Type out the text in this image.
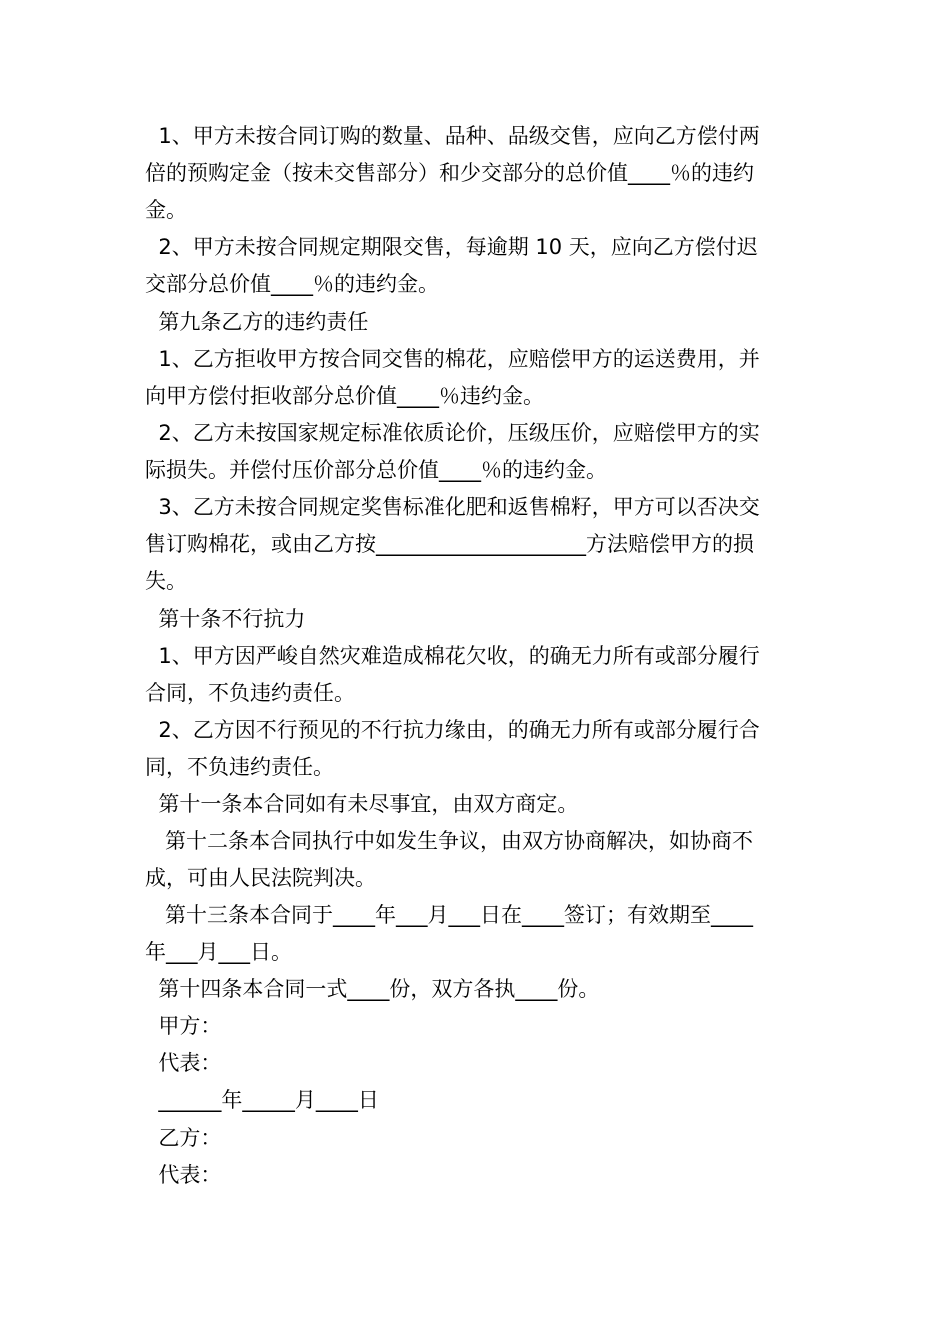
1、甲方未按合同订购的数量、品种、品级交售，应向乙方偿付两
倍的预购定金（按未交售部分）和少交部分的总价值____％的违约
金。

2、甲方未按合同规定期限交售，每逾期 10 天，应向乙方偿付迟
交部分总价值____％的违约金。

第九条乙方的违约责任

1、乙方拒收甲方按合同交售的棉花，应赔偿甲方的运送费用，并
向甲方偿付拒收部分总价值____％违约金。

2、乙方未按国家规定标准依质论价，压级压价，应赔偿甲方的实
际损失。并偿付压价部分总价值____％的违约金。

3、乙方未按合同规定奖售标准化肥和返售棉籽，甲方可以否决交
售订购棉花，或由乙方按____________________方法赔偿甲方的损
失。

第十条不行抗力

1、甲方因严峻自然灾难造成棉花欠收，的确无力所有或部分履行
合同，不负违约责任。

2、乙方因不行预见的不行抗力缘由，的确无力所有或部分履行合
同，不负违约责任。

第十一条本合同如有未尽事宜，由双方商定。

第十二条本合同执行中如发生争议，由双方协商解决，如协商不
成，可由人民法院判决。

第十三条本合同于____年___月___日在____签订；有效期至____
年___月___日。

第十四条本合同一式____份，双方各执____份。

甲方：

代表：

______年_____月____日

乙方：

代表：
